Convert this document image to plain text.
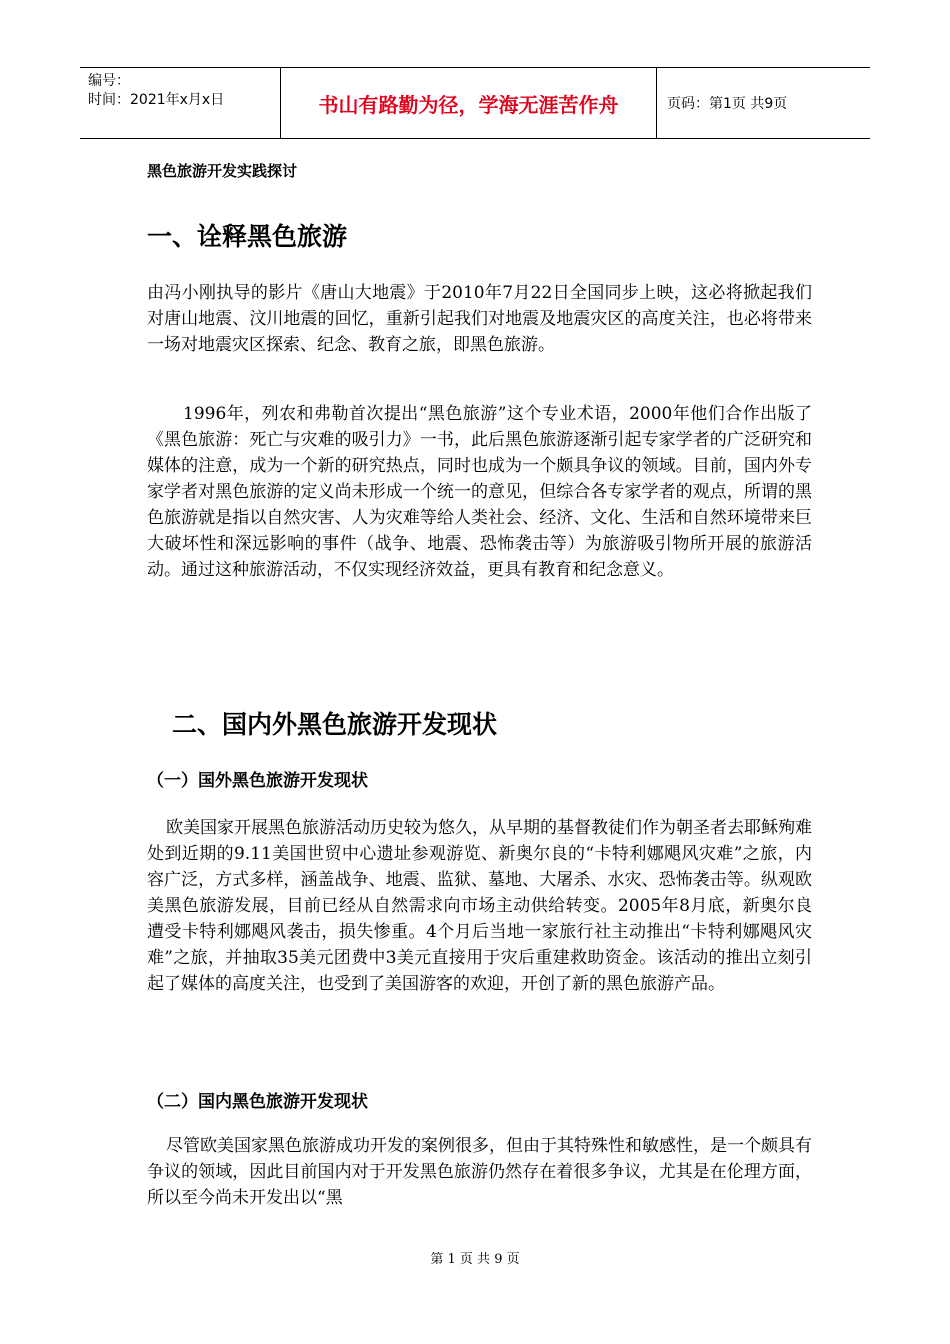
编号：
时间：2021年x月x日	书山有路勤为径，学海无涯苦作舟	页码：第1页 共9页
黑色旅游开发实践探讨
一、诠释黑色旅游
由冯小刚执导的影片《唐山大地震》于2010年7月22日全国同步上映，这必将掀起我们对唐山地震、汶川地震的回忆，重新引起我们对地震及地震灾区的高度关注，也必将带来一场对地震灾区探索、纪念、教育之旅，即黑色旅游。
1996年，列农和弗勒首次提出“黑色旅游”这个专业术语，2000年他们合作出版了《黑色旅游：死亡与灾难的吸引力》一书，此后黑色旅游逐渐引起专家学者的广泛研究和媒体的注意，成为一个新的研究热点，同时也成为一个颇具争议的领域。目前，国内外专家学者对黑色旅游的定义尚未形成一个统一的意见，但综合各专家学者的观点，所谓的黑色旅游就是指以自然灾害、人为灾难等给人类社会、经济、文化、生活和自然环境带来巨大破坏性和深远影响的事件（战争、地震、恐怖袭击等）为旅游吸引物所开展的旅游活动。通过这种旅游活动，不仅实现经济效益，更具有教育和纪念意义。
二、国内外黑色旅游开发现状
（一）国外黑色旅游开发现状
欧美国家开展黑色旅游活动历史较为悠久，从早期的基督教徒们作为朝圣者去耶稣殉难处到近期的9.11美国世贸中心遗址参观游览、新奥尔良的“卡特利娜飓风灾难”之旅，内容广泛，方式多样，涵盖战争、地震、监狱、墓地、大屠杀、水灾、恐怖袭击等。纵观欧美黑色旅游发展，目前已经从自然需求向市场主动供给转变。2005年8月底，新奥尔良遭受卡特利娜飓风袭击，损失惨重。4个月后当地一家旅行社主动推出“卡特利娜飓风灾难”之旅，并抽取35美元团费中3美元直接用于灾后重建救助资金。该活动的推出立刻引起了媒体的高度关注，也受到了美国游客的欢迎，开创了新的黑色旅游产品。
（二）国内黑色旅游开发现状
尽管欧美国家黑色旅游成功开发的案例很多，但由于其特殊性和敏感性，是一个颇具有争议的领域，因此目前国内对于开发黑色旅游仍然存在着很多争议，尤其是在伦理方面，所以至今尚未开发出以“黑
第 1 页 共 9 页
